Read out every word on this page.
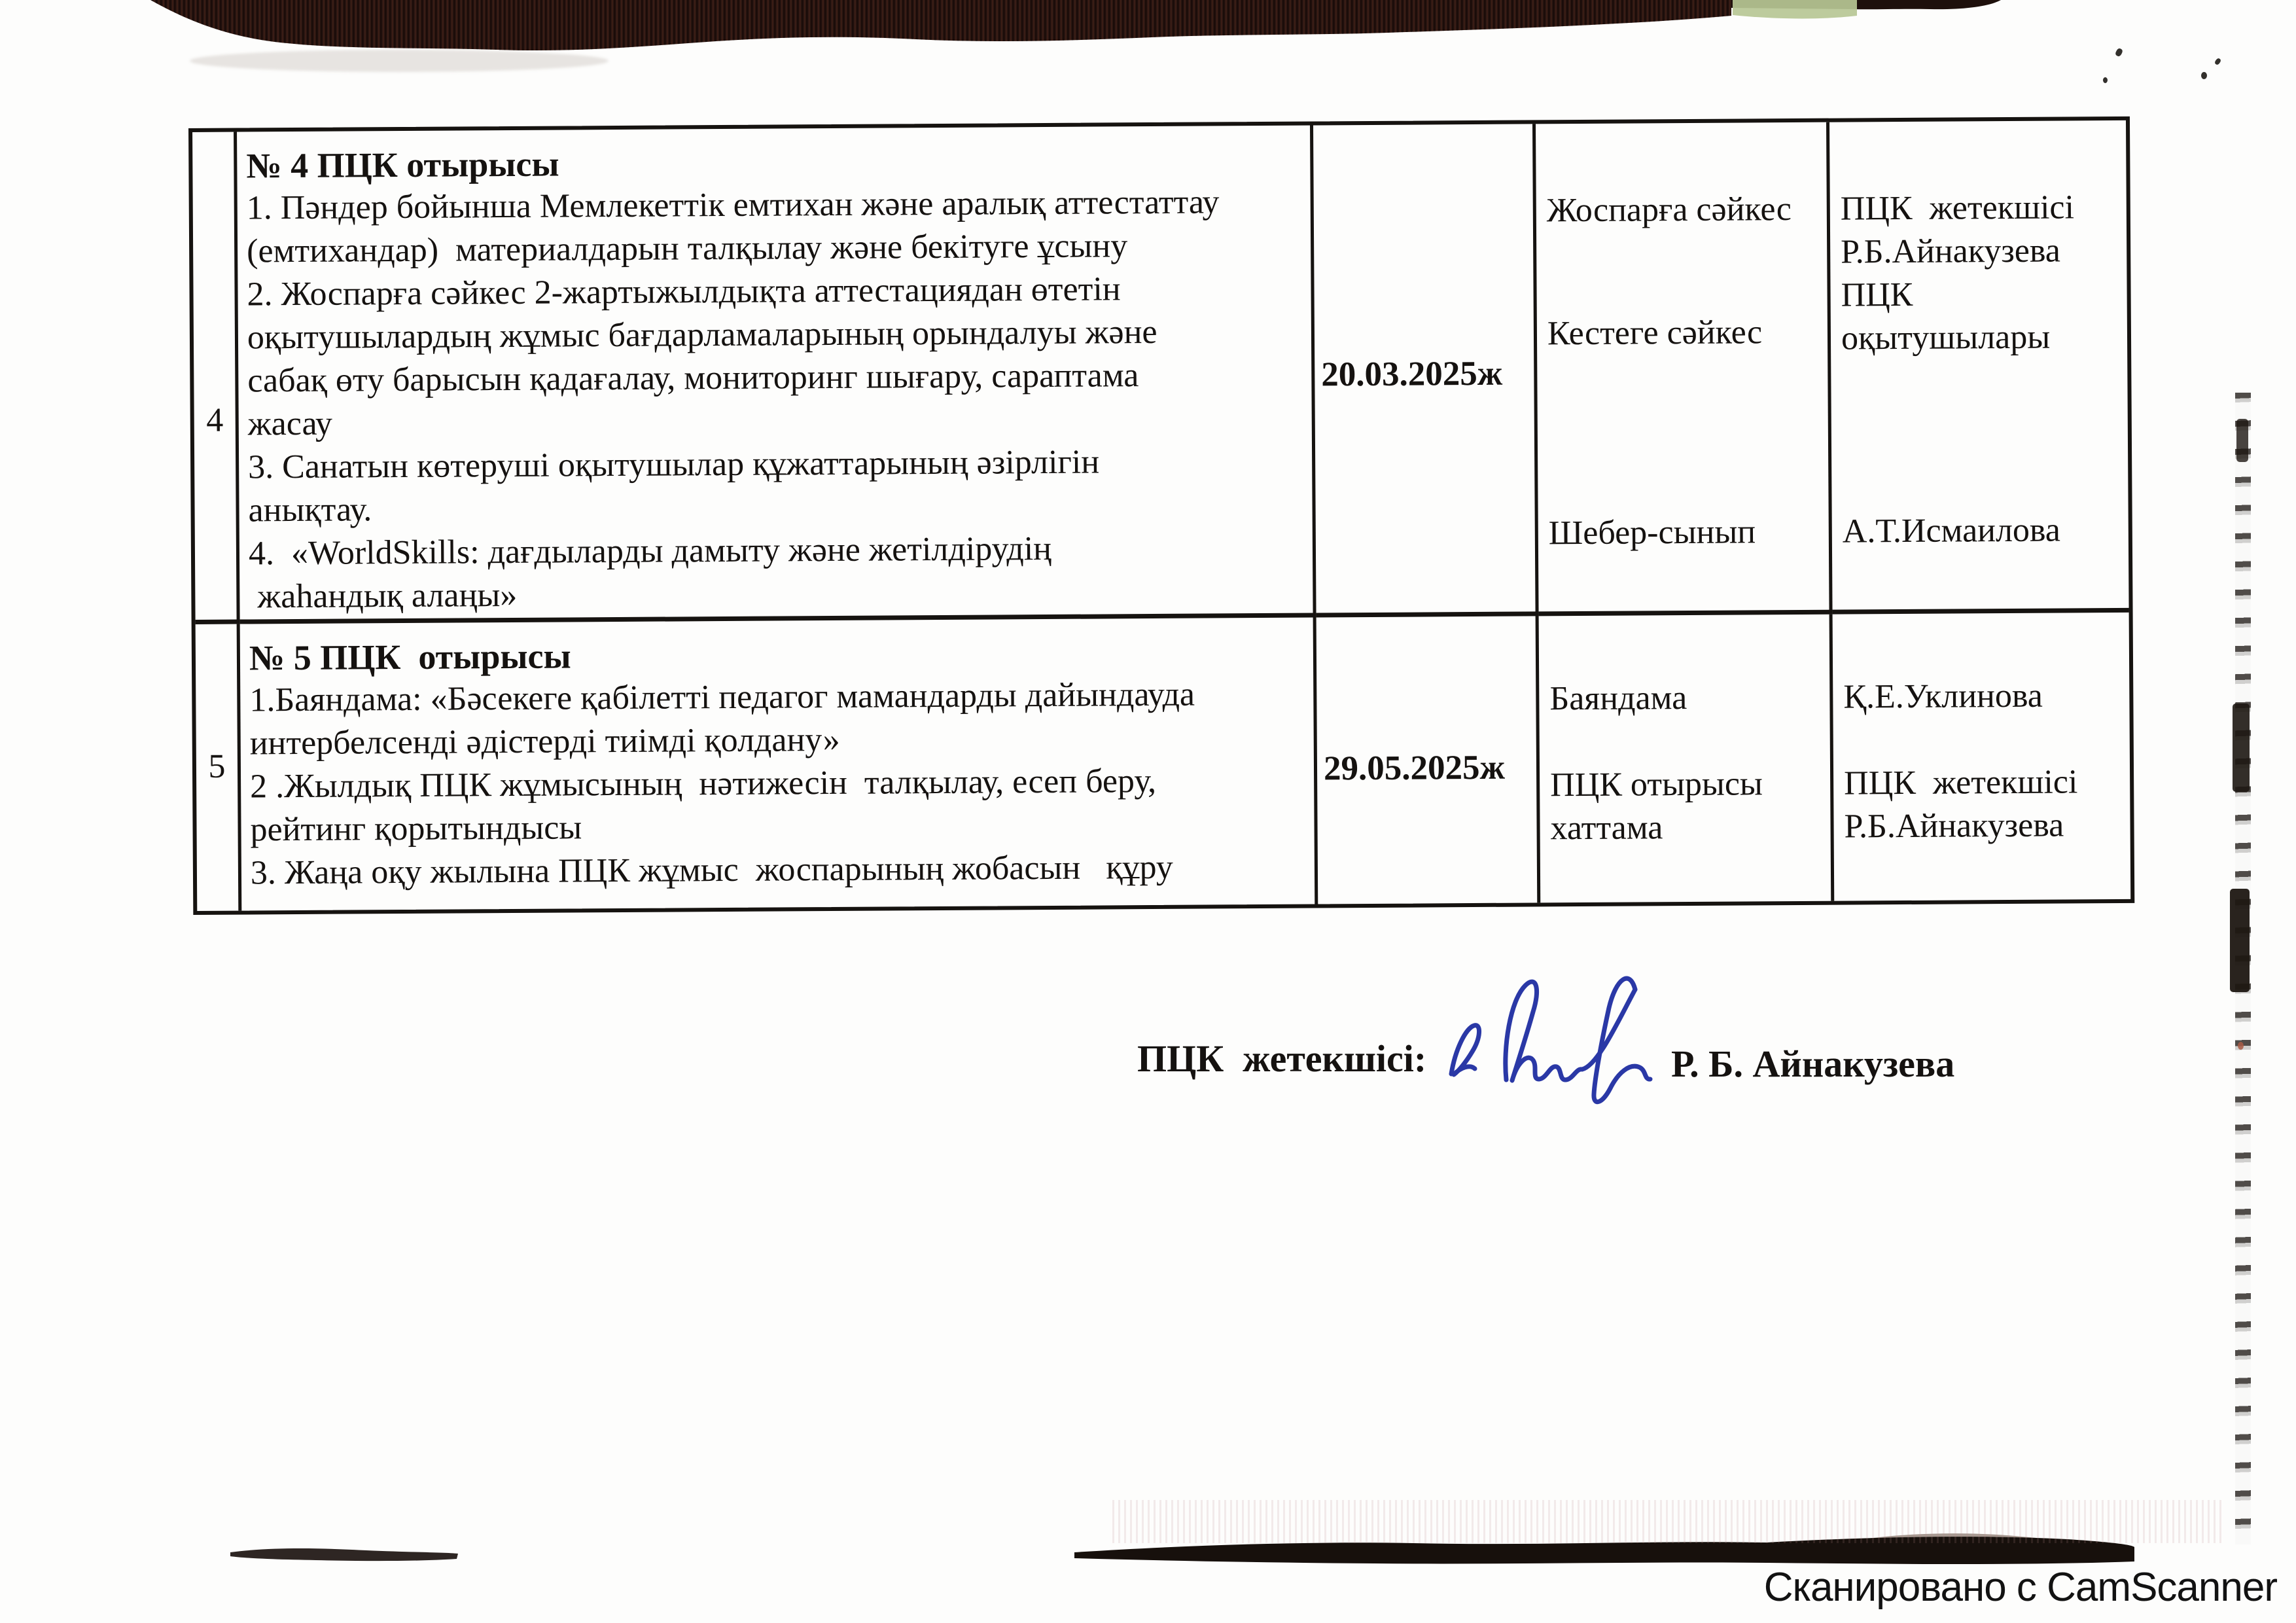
4
№ 4 ПЦК отырысы
1. Пәндер бойынша Мемлекеттік емтихан және аралық аттестаттау
(емтихандар)  материалдарын талқылау және бекітуге ұсыну
2. Жоспарға сәйкес 2-жартыжылдықта аттестациядан өтетін
оқытушылардың жұмыс бағдарламаларының орындалуы және
сабақ өту барысын қадағалау, мониторинг шығару, сараптама
жасау
3. Санатын көтеруші оқытушылар құжаттарының әзірлігін
анықтау.
4.  «WorldSkills: дағдыларды дамыту және жетілдірудің
жаһандық алаңы»
20.03.2025ж
Жоспарға сәйкес
Кестеге сәйкес
Шебер-сынып
ПЦК  жетекшісі
Р.Б.Айнакузева
ПЦК
оқытушылары
А.Т.Исмаилова
5
№ 5 ПЦК  отырысы
1.Баяндама: «Бәсекеге қабілетті педагог мамандарды дайындауда
интербелсенді әдістерді тиімді қолдану»
2 .Жылдық ПЦК жұмысының  нәтижесін  талқылау, есеп беру,
рейтинг қорытындысы
3. Жаңа оқу жылына ПЦК жұмыс  жоспарының жобасын   құру
29.05.2025ж
Баяндама
ПЦК отырысы
хаттама
Қ.Е.Уклинова
ПЦК  жетекшісі
Р.Б.Айнакузева
ПЦК  жетекшісі:	Р. Б. Айнакузева
Сканировано с CamScanner
